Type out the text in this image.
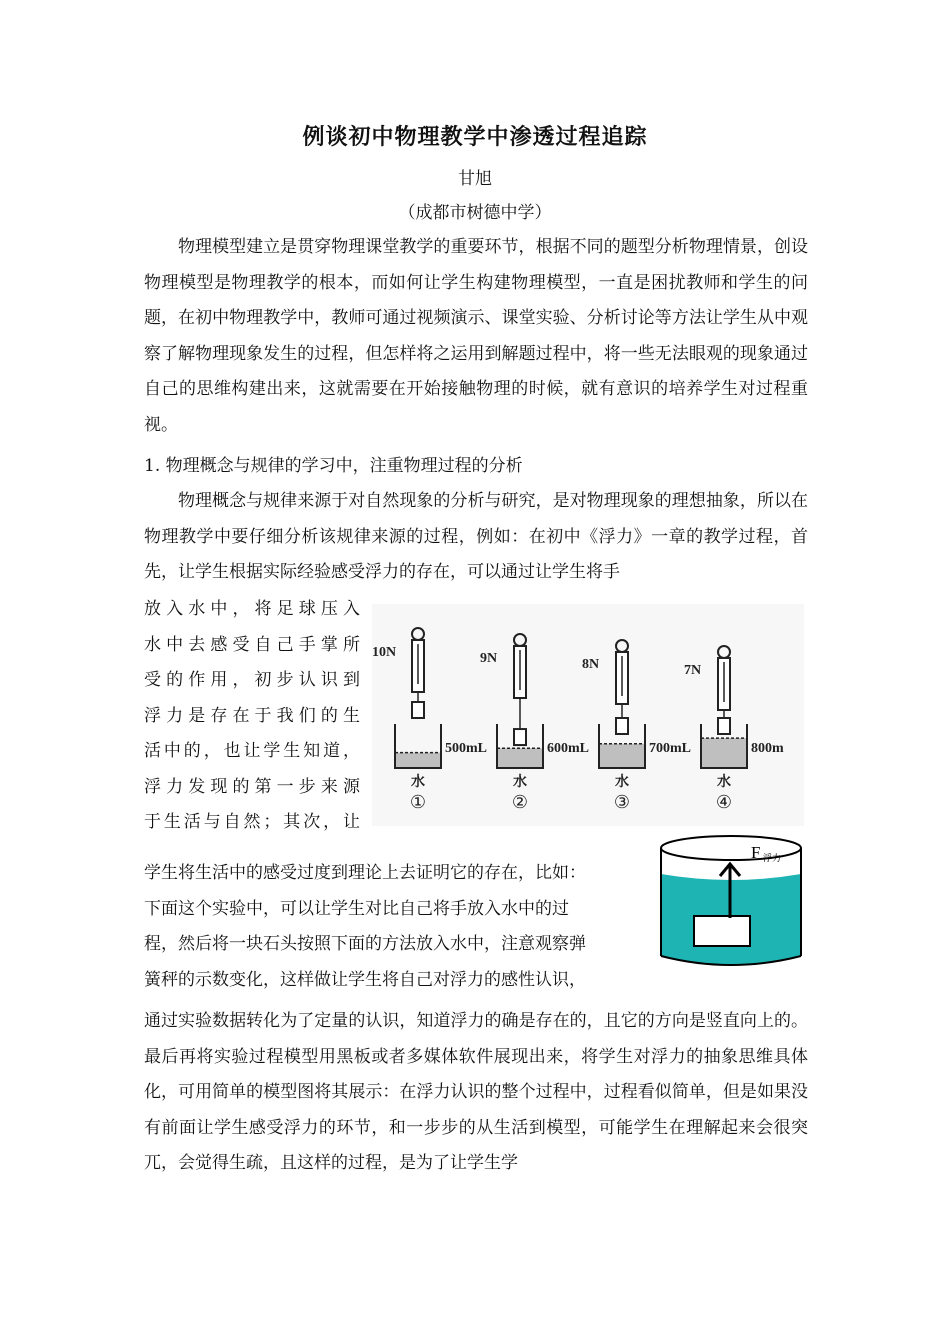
例谈初中物理教学中渗透过程追踪
甘旭
（成都市树德中学）

物理模型建立是贯穿物理课堂教学的重要环节，根据不同的题型分析物理情景，创设物理模型是物理教学的根本，而如何让学生构建物理模型，一直是困扰教师和学生的问题，在初中物理教学中，教师可通过视频演示、课堂实验、分析讨论等方法让学生从中观察了解物理现象发生的过程，但怎样将之运用到解题过程中，将一些无法眼观的现象通过自己的思维构建出来，这就需要在开始接触物理的时候，就有意识的培养学生对过程重视。

1. 物理概念与规律的学习中，注重物理过程的分析

物理概念与规律来源于对自然现象的分析与研究，是对物理现象的理想抽象，所以在物理教学中要仔细分析该规律来源的过程，例如：在初中《浮力》一章的教学过程，首先，让学生根据实际经验感受浮力的存在，可以通过让学生将手

放入水中，将足球压入
水中去感受自己手掌所
受的作用，初步认识到
浮力是存在于我们的生
活中的，也让学生知道，
浮力发现的第一步来源
于生活与自然；其次，让

10N
500mL
水
①
9N
600mL
水
②
8N
700mL
水
③
7N
800m
水
④
F 浮力

学生将生活中的感受过度到理论上去证明它的存在，比如：
下面这个实验中，可以让学生对比自己将手放入水中的过
程，然后将一块石头按照下面的方法放入水中，注意观察弹
簧秤的示数变化，这样做让学生将自己对浮力的感性认识，

通过实验数据转化为了定量的认识，知道浮力的确是存在的，且它的方向是竖直向上的。最后再将实验过程模型用黑板或者多媒体软件展现出来，将学生对浮力的抽象思维具体化，可用简单的模型图将其展示：在浮力认识的整个过程中，过程看似简单，但是如果没有前面让学生感受浮力的环节，和一步步的从生活到模型，可能学生在理解起来会很突兀，会觉得生疏，且这样的过程，是为了让学生学
